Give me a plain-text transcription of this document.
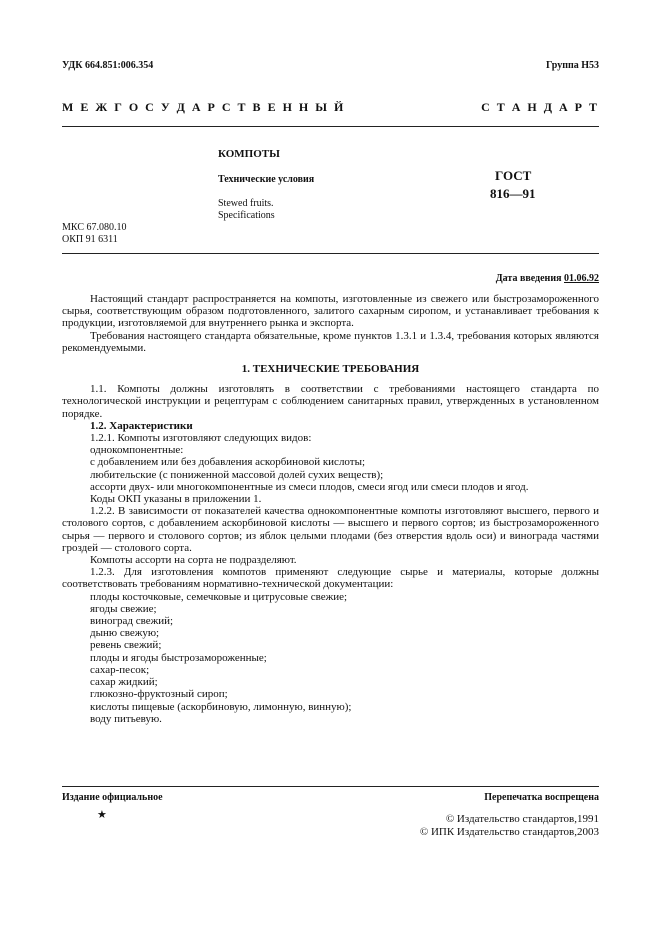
УДК 664.851:006.354	Группа Н53
М Е Ж Г О С У Д А Р С Т В Е Н Н Ы Й	С Т А Н Д А Р Т
КОМПОТЫ
Технические условия
Stewed fruits.
Specifications
ГОСТ
816—91
МКС 67.080.10
ОКП 91 6311
Дата введения 01.06.92

Настоящий стандарт распространяется на компоты, изготовленные из свежего или быстрозамороженного сырья, соответствующим образом подготовленного, залитого сахарным сиропом, и устанавливает требования к продукции, изготовляемой для внутреннего рынка и экспорта.

Требования настоящего стандарта обязательные, кроме пунктов 1.3.1 и 1.3.4, требования которых являются рекомендуемыми.

1. ТЕХНИЧЕСКИЕ ТРЕБОВАНИЯ

1.1. Компоты должны изготовлять в соответствии с требованиями настоящего стандарта по технологической инструкции и рецептурам с соблюдением санитарных правил, утвержденных в установленном порядке.

1.2. Характеристики

1.2.1. Компоты изготовляют следующих видов:

однокомпонентные:

с добавлением или без добавления аскорбиновой кислоты;

любительские (с пониженной массовой долей сухих веществ);

ассорти двух- или многокомпонентные из смеси плодов, смеси ягод или смеси плодов и ягод.

Коды ОКП указаны в приложении 1.

1.2.2. В зависимости от показателей качества однокомпонентные компоты изготовляют высшего, первого и столового сортов, с добавлением аскорбиновой кислоты — высшего и первого сортов; из быстрозамороженного сырья — первого и столового сортов; из яблок целыми плодами (без отверстия вдоль оси) и винограда частями гроздей — столового сорта.

Компоты ассорти на сорта не подразделяют.

1.2.3. Для изготовления компотов применяют следующие сырье и материалы, которые должны соответствовать требованиям нормативно-технической документации:

плоды косточковые, семечковые и цитрусовые свежие;

ягоды свежие;

виноград свежий;

дыню свежую;

ревень свежий;

плоды и ягоды быстрозамороженные;

сахар-песок;

сахар жидкий;

глюкозно-фруктозный сироп;

кислоты пищевые (аскорбиновую, лимонную, винную);

воду питьевую.

Издание официальное	Перепечатка воспрещена
★	© Издательство стандартов,1991
© ИПК Издательство стандартов,2003
